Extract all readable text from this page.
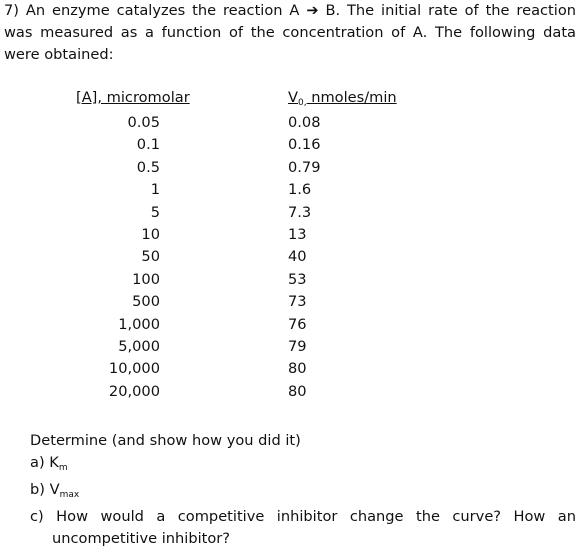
7) An enzyme catalyzes the reaction A ➔ B. The initial rate of the reaction
was measured as a function of the concentration of A. The following data
were obtained:
[A], micromolar	$V_{0,}$ nmoles/min
0.05
0.1
0.5
1
5
10
50
100
500
1,000
5,000
10,000
20,000
0.08
0.16
0.79
1.6
7.3
13
40
53
73
76
79
80
80
Determine (and show how you did it)
a) $K_m$
b) $V_{max}$
c) How would a competitive inhibitor change the curve? How an
uncompetitive inhibitor?
